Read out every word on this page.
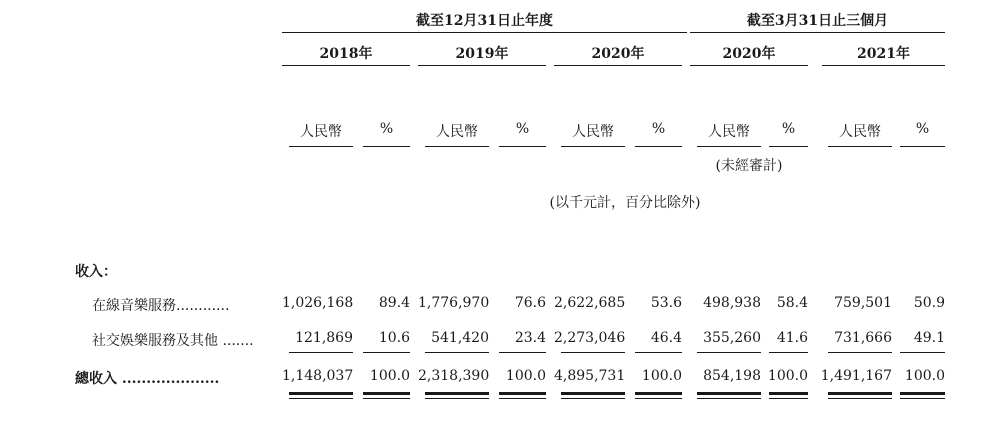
截至12月31日止年度	截至3月31日止三個月
2018年	2019年	2020年	2020年	2021年
人民幣	%	人民幣	%	人民幣	%	人民幣	%	人民幣	%
(未經審計)
(以千元計，百分比除外)
收入：
在線音樂服務............	1,026,168	89.4 1,776,970	76.6 2,622,685	53.6	498,938	58.4	759,501	50.9
社交娛樂服務及其他 .......	121,869	10.6	541,420	23.4 2,273,046	46.4	355,260	41.6	731,666	49.1
總收入 ....................	1,148,037	100.0 2,318,390	100.0 4,895,731	100.0	854,198 100.0 1,491,167 100.0
